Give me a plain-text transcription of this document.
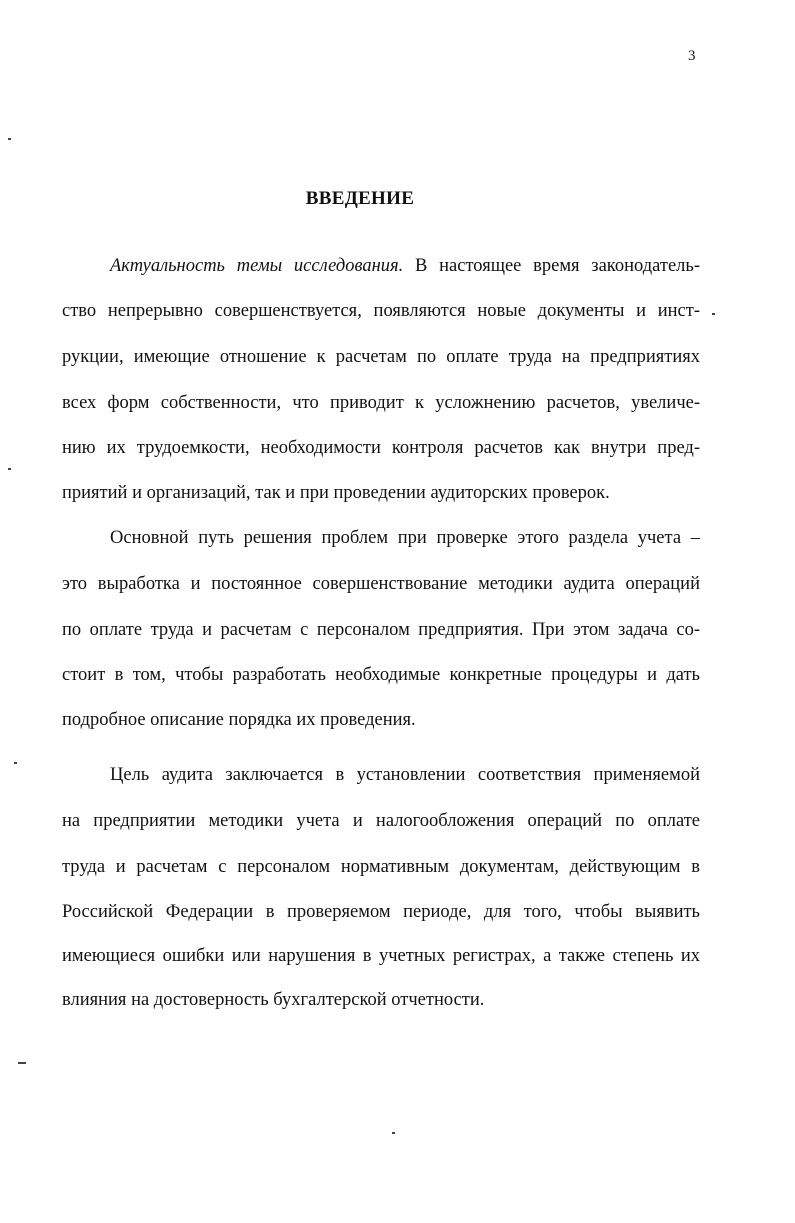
3
ВВЕДЕНИЕ
Актуальность темы исследования. В настоящее время законодатель-
ство непрерывно совершенствуется, появляются новые документы и инст-
рукции, имеющие отношение к расчетам по оплате труда на предприятиях
всех форм собственности, что приводит к усложнению расчетов, увеличе-
нию их трудоемкости, необходимости контроля расчетов как внутри пред-
приятий и организаций, так и при проведении аудиторских проверок.
Основной путь решения проблем при проверке этого раздела учета –
это выработка и постоянное совершенствование методики аудита операций
по оплате труда и расчетам с персоналом предприятия. При этом задача со-
стоит в том, чтобы разработать необходимые конкретные процедуры и дать
подробное описание порядка их проведения.
Цель аудита заключается в установлении соответствия применяемой
на предприятии методики учета и налогообложения операций по оплате
труда и расчетам с персоналом нормативным документам, действующим в
Российской Федерации в проверяемом периоде, для того, чтобы выявить
имеющиеся ошибки или нарушения в учетных регистрах, а также степень их
влияния на достоверность бухгалтерской отчетности.
